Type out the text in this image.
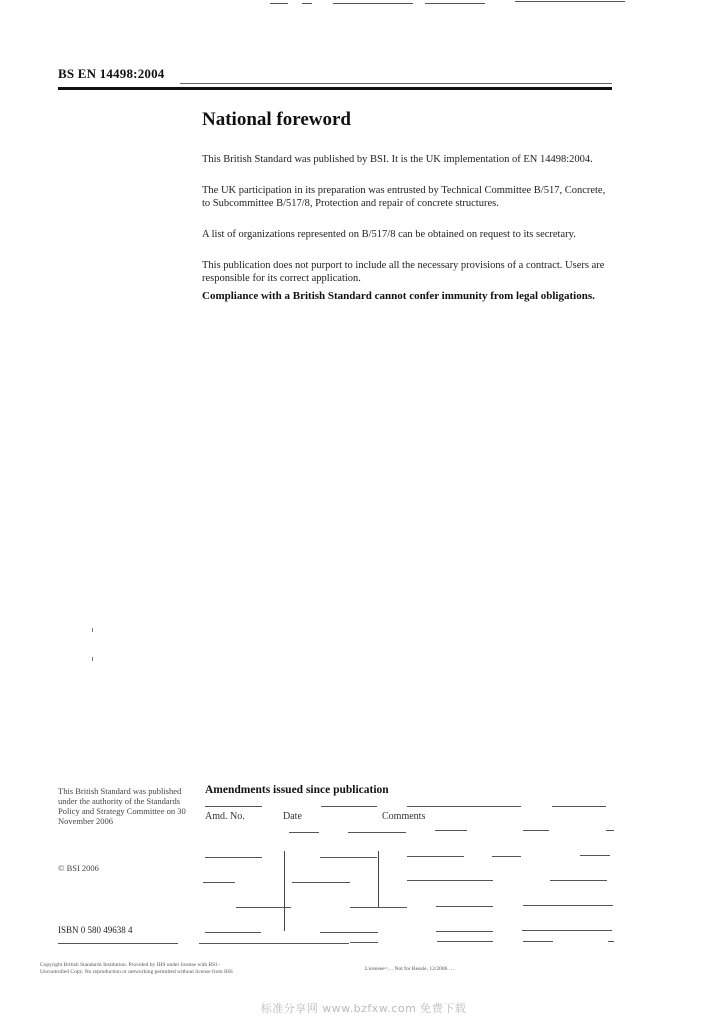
BS EN 14498:2004
National foreword
This British Standard was published by BSI. It is the UK implementation of EN 14498:2004.
The UK participation in its preparation was entrusted by Technical Committee B/517, Concrete, to Subcommittee B/517/8, Protection and repair of concrete structures.
A list of organizations represented on B/517/8 can be obtained on request to its secretary.
This publication does not purport to include all the necessary provisions of a contract. Users are responsible for its correct application.
Compliance with a British Standard cannot confer immunity from legal obligations.
This British Standard was published under the authority of the Standards Policy and Strategy Committee on 30 November 2006
© BSI 2006
ISBN 0 580 49638 4
Amendments issued since publication
Amd. No.	Date	Comments
Copyright British Standards Institution. Provided by IHS under license with BSI - Uncontrolled Copy. No reproduction or networking permitted without license from IHS	Licensee=… Not for Resale, 12/2006 …
标准分享网 www.bzfxw.com 免费下载
